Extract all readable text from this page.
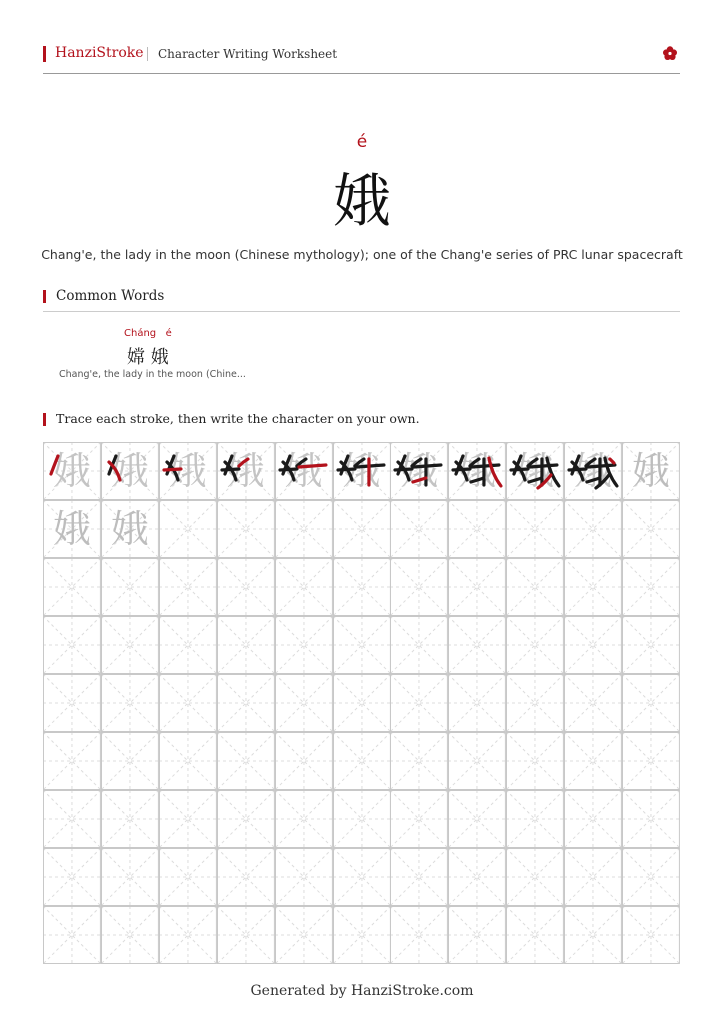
HanziStroke Character Writing Worksheet
é
娥
Chang'e, the lady in the moon (Chinese mythology); one of the Chang'e series of PRC lunar spacecraft
Common Words
Cháng   é
嫦 娥
Chang'e, the lady in the moon (Chine...
Trace each stroke, then write the character on your own.
娥 娥 娥 娥 娥 娥 娥 娥 娥 娥 娥
娥 娥
Generated by HanziStroke.com
